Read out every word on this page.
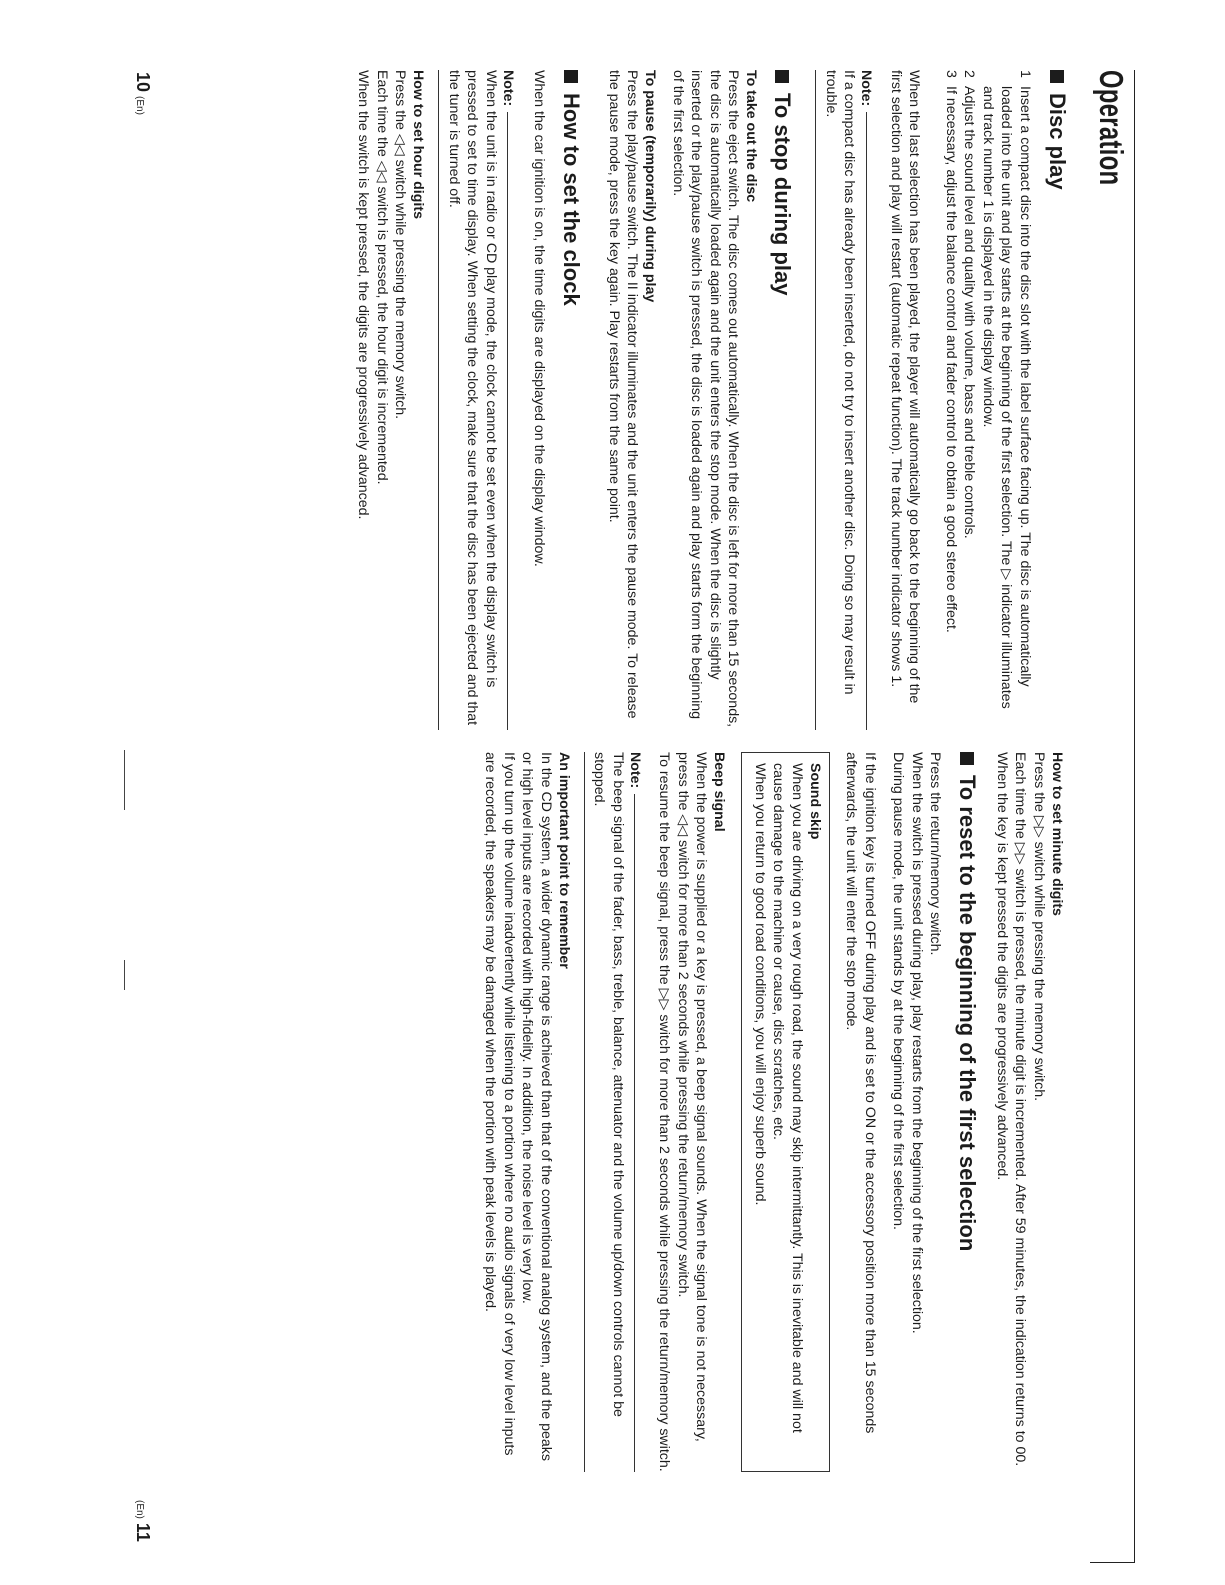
Operation
Disc play
1
Insert a compact disc into the disc slot with the label surface facing up. The disc is automatically loaded into the unit and play starts at the beginning of the first selection. The ▷ indicator illuminates and track number 1 is displayed in the display window.
2
Adjust the sound level and quality with volume, bass and treble controls.
3
If necessary, adjust the balance control and fader control to obtain a good stereo effect.

When the last selection has been played, the player will automatically go back to the beginning of the first selection and play will restart (automatic repeat function). The track number indicator shows 1.

Note:

If a compact disc has already been inserted, do not try to insert another disc. Doing so may result in trouble.

To stop during play
To take out the disc

Press the eject switch. The disc comes out automatically. When the disc is left for more than 15 seconds, the disc is automatically loaded again and the unit enters the stop mode. When the disc is slightly inserted or the play/pause switch is pressed, the disc is loaded again and play starts form the beginning of the first selection.

To pause (temporarily) during play

Press the play/pause switch. The II indicator illuminates and the unit enters the pause mode. To release the pause mode, press the key again. Play restarts from the same point.

How to set the clock

When the car ignition is on, the time digits are displayed on the display window.

Note:

When the unit is in radio or CD play mode, the clock cannot be set even when the display switch is pressed to set to time display. When setting the clock, make sure that the disc has been ejected and that the tuner is turned off.

How to set hour digits

Press the ◁◁ switch while pressing the memory switch.

Each time the ◁◁ switch is pressed, the hour digit is incremented.

When the switch is kept pressed, the digits are progressively advanced.

How to set minute digits

Press the ▷▷ switch while pressing the memory switch.

Each time the ▷▷ switch is pressed, the minute digit is incremented. After 59 minutes, the indication returns to 00. When the key is kept pressed the digits are progressively advanced.

To reset to the beginning of the first selection

Press the return/memory switch.

When the switch is pressed during play, play restarts from the beginning of the first selection.

During pause mode, the unit stands by at the beginning of the first selection.

If the ignition key is turned OFF during play and is set to ON or the accessory position more than 15 seconds afterwards, the unit will enter the stop mode.

Sound skip

When you are driving on a very rough road, the sound may skip intermittantly. This is inevitable and will not cause damage to the machine or cause, disc scratches, etc.

When you return to good road conditions, you will enjoy superb sound.

Beep signal

When the power is supplied or a key is pressed, a beep signal sounds. When the signal tone is not necessary, press the ◁◁ switch for more than 2 seconds while pressing the return/memory switch.

To resume the beep signal, press the ▷▷ switch for more than 2 seconds while pressing the return/memory switch.

Note:

The beep signal of the fader, bass, treble, balance, attenuator and the volume up/down controls cannot be stopped.

An important point to remember

In the CD system, a wider dynamic range is achieved than that of the conventional analog system, and the peaks or high level inputs are recorded with high-fidelity. In addition, the noise level is very low.

If you turn up the volume inadvertently while listening to a portion where no audio signals of very low level inputs are recorded, the speakers may be damaged when the portion with peak levels is played.

10(En)
(En)11
